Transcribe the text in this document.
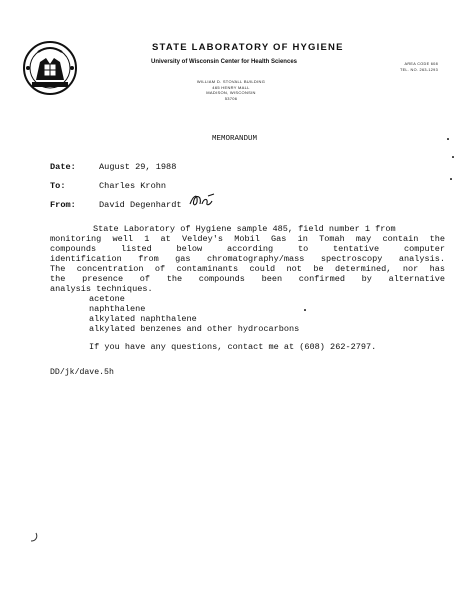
STATE LABORATORY OF HYGIENE
University of Wisconsin Center for Health Sciences
WILLIAM D. STOVALL BUILDING
465 HENRY MALL
MADISON, WISCONSIN
53706
AREA CODE 608
TEL. NO. 263-1293
MEMORANDUM
Date:	August 29, 1988
To:	Charles Krohn
From:	David Degenhardt
State Laboratory of Hygiene sample 485, field number 1 from
monitoring well 1 at Veldey's Mobil Gas in Tomah may contain the
compounds listed below according to tentative computer
identification from gas chromatography/mass spectroscopy analysis.
The concentration of contaminants could not be determined, nor has
the presence of the compounds been confirmed by alternative
analysis techniques.
acetone
naphthalene
alkylated naphthalene
alkylated benzenes and other hydrocarbons
If you have any questions, contact me at (608) 262-2797.
DD/jk/dave.5h
